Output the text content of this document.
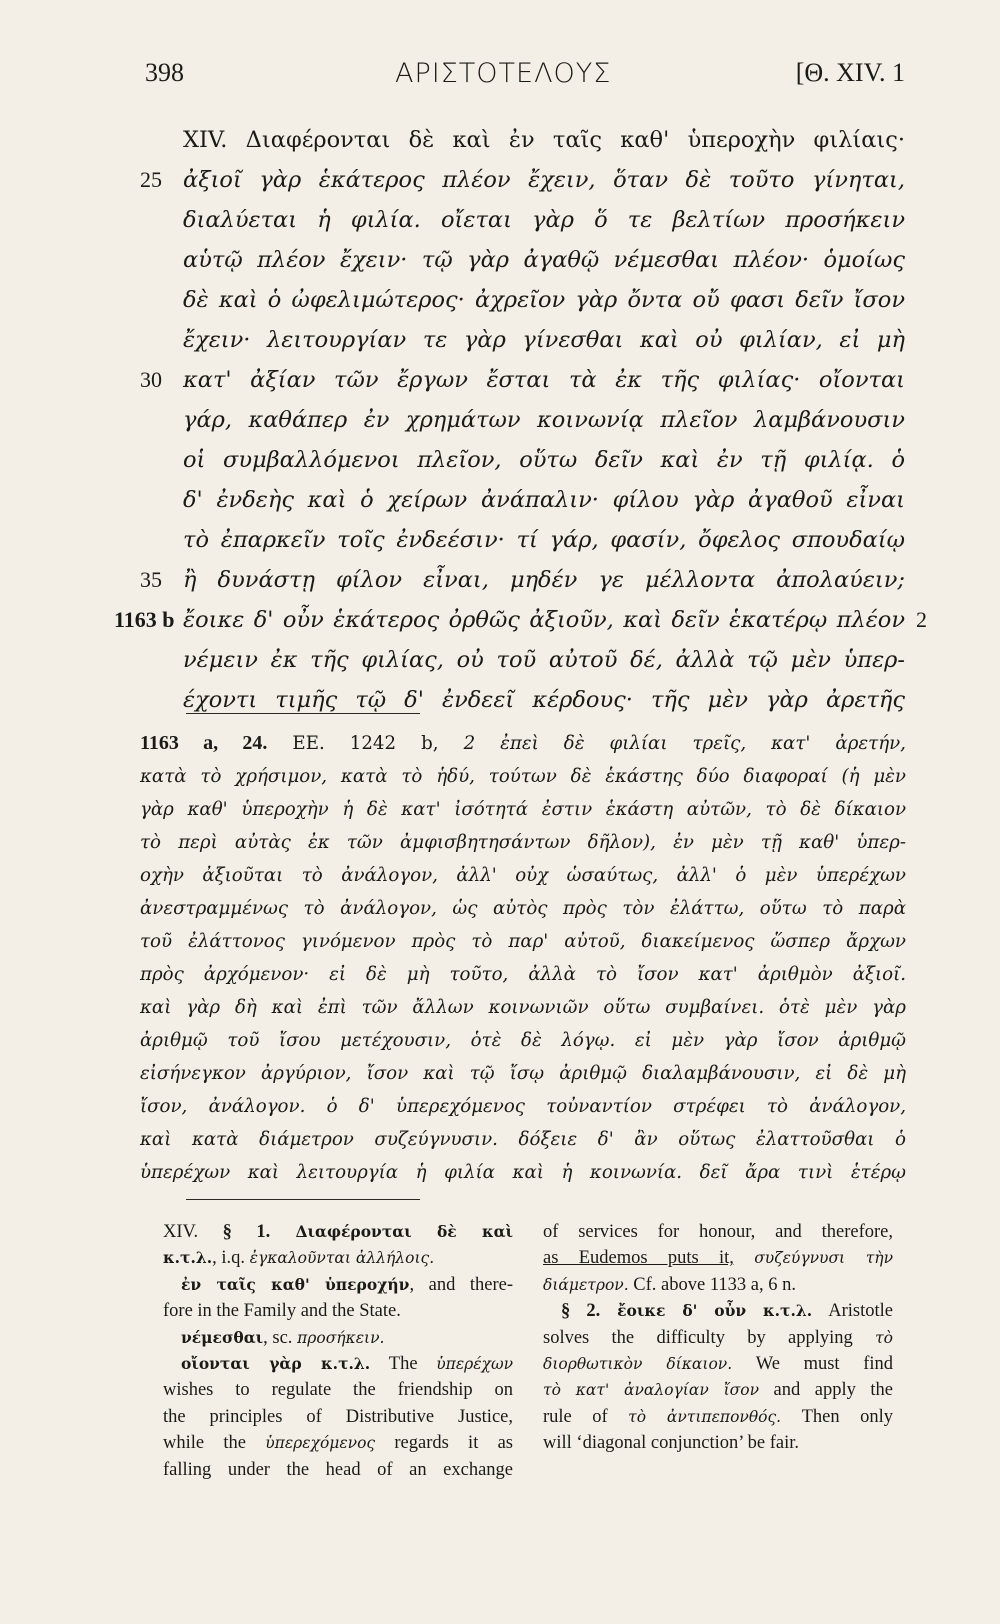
398	ΑΡΙΣΤΟΤΕΛΟΥΣ	[Θ. XIV. 1
XIV. Διαφέρονται δὲ καὶ ἐν ταῖς καθ' ὑπεροχὴν φιλίαις·
25 ἀξιοῖ γὰρ ἑκάτερος πλέον ἔχειν, ὅταν δὲ τοῦτο γίνηται,
διαλύεται ἡ φιλία. οἴεται γὰρ ὅ τε βελτίων προσήκειν
αὑτῷ πλέον ἔχειν· τῷ γὰρ ἀγαθῷ νέμεσθαι πλέον· ὁμοίως
δὲ καὶ ὁ ὠφελιμώτερος· ἀχρεῖον γὰρ ὄντα οὔ φασι δεῖν ἴσον
ἔχειν· λειτουργίαν τε γὰρ γίνεσθαι καὶ οὐ φιλίαν, εἰ μὴ
30 κατ' ἀξίαν τῶν ἔργων ἔσται τὰ ἐκ τῆς φιλίας· οἴονται
γάρ, καθάπερ ἐν χρημάτων κοινωνίᾳ πλεῖον λαμβάνουσιν
οἱ συμβαλλόμενοι πλεῖον, οὕτω δεῖν καὶ ἐν τῇ φιλίᾳ. ὁ
δ' ἐνδεὴς καὶ ὁ χείρων ἀνάπαλιν· φίλου γὰρ ἀγαθοῦ εἶναι
τὸ ἐπαρκεῖν τοῖς ἐνδεέσιν· τί γάρ, φασίν, ὄφελος σπουδαίῳ
35 ἢ δυνάστῃ φίλον εἶναι, μηδέν γε μέλλοντα ἀπολαύειν;
1163 b ἔοικε δ' οὖν ἑκάτερος ὀρθῶς ἀξιοῦν, καὶ δεῖν ἑκατέρῳ πλέον 2
νέμειν ἐκ τῆς φιλίας, οὐ τοῦ αὐτοῦ δέ, ἀλλὰ τῷ μὲν ὑπερ-
έχοντι τιμῆς τῷ δ' ἐνδεεῖ κέρδους· τῆς μὲν γὰρ ἀρετῆς
1163 a, 24. EE. 1242 b, 2 ἐπεὶ δὲ φιλίαι τρεῖς, κατ' ἀρετήν,
κατὰ τὸ χρήσιμον, κατὰ τὸ ἡδύ, τούτων δὲ ἑκάστης δύο διαφοραί (ἡ μὲν
γὰρ καθ' ὑπεροχὴν ἡ δὲ κατ' ἰσότητά ἐστιν ἑκάστη αὐτῶν, τὸ δὲ δίκαιον
τὸ περὶ αὐτὰς ἐκ τῶν ἀμφισβητησάντων δῆλον), ἐν μὲν τῇ καθ' ὑπερ-
οχὴν ἀξιοῦται τὸ ἀνάλογον, ἀλλ' οὐχ ὡσαύτως, ἀλλ' ὁ μὲν ὑπερέχων
ἀνεστραμμένως τὸ ἀνάλογον, ὡς αὐτὸς πρὸς τὸν ἐλάττω, οὕτω τὸ παρὰ
τοῦ ἐλάττονος γινόμενον πρὸς τὸ παρ' αὐτοῦ, διακείμενος ὥσπερ ἄρχων
πρὸς ἀρχόμενον· εἰ δὲ μὴ τοῦτο, ἀλλὰ τὸ ἴσον κατ' ἀριθμὸν ἀξιοῖ.
καὶ γὰρ δὴ καὶ ἐπὶ τῶν ἄλλων κοινωνιῶν οὕτω συμβαίνει. ὁτὲ μὲν γὰρ
ἀριθμῷ τοῦ ἴσου μετέχουσιν, ὁτὲ δὲ λόγῳ. εἰ μὲν γὰρ ἴσον ἀριθμῷ
εἰσήνεγκον ἀργύριον, ἴσον καὶ τῷ ἴσῳ ἀριθμῷ διαλαμβάνουσιν, εἰ δὲ μὴ
ἴσον, ἀνάλογον. ὁ δ' ὑπερεχόμενος τοὐναντίον στρέφει τὸ ἀνάλογον,
καὶ κατὰ διάμετρον συζεύγνυσιν. δόξειε δ' ἂν οὕτως ἐλαττοῦσθαι ὁ
ὑπερέχων καὶ λειτουργία ἡ φιλία καὶ ἡ κοινωνία. δεῖ ἄρα τινὶ ἑτέρῳ
XIV. § 1. Διαφέρονται δὲ καὶ
κ.τ.λ., i.q. ἐγκαλοῦνται ἀλλήλοις.
ἐν ταῖς καθ' ὑπεροχήν, and there-
fore in the Family and the State.
νέμεσθαι, sc. προσήκειν.
οἴονται γὰρ κ.τ.λ. The ὑπερέχων
wishes to regulate the friendship on
the principles of Distributive Justice,
while the ὑπερεχόμενος regards it as
falling under the head of an exchange
of services for honour, and therefore,
as Eudemos puts it, συζεύγνυσι τὴν
διάμετρον. Cf. above 1133 a, 6 n.
§ 2. ἔοικε δ' οὖν κ.τ.λ. Aristotle
solves the difficulty by applying τὸ
διορθωτικὸν δίκαιον. We must find
τὸ κατ' ἀναλογίαν ἴσον and apply the
rule of τὸ ἀντιπεπονθός. Then only
will ‘diagonal conjunction’ be fair.
